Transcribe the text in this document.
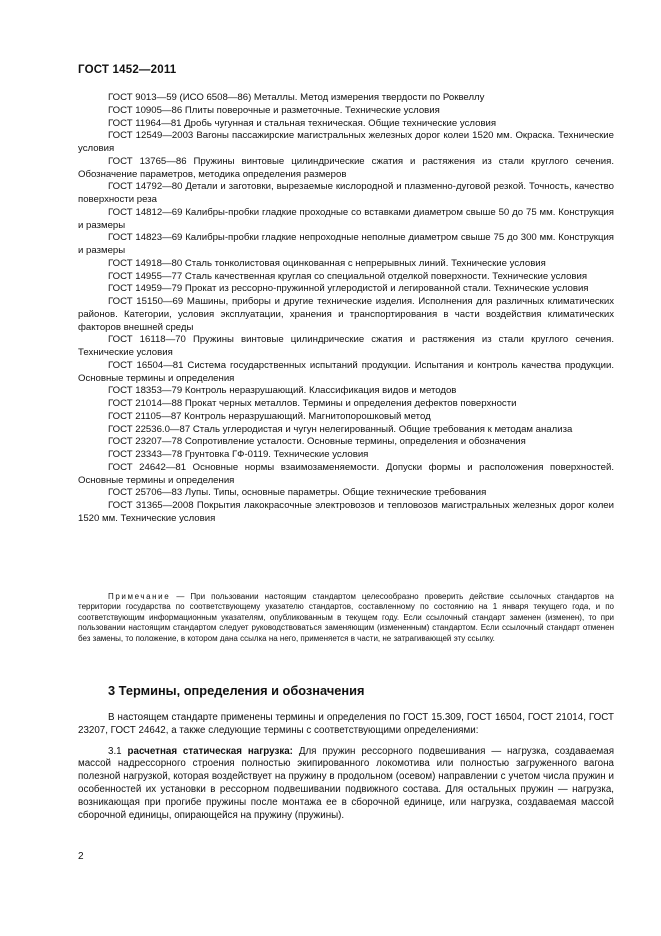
ГОСТ 1452—2011

ГОСТ 9013—59 (ИСО 6508—86) Металлы. Метод измерения твердости по Роквеллу

ГОСТ 10905—86 Плиты поверочные и разметочные. Технические условия

ГОСТ 11964—81 Дробь чугунная и стальная техническая. Общие технические условия

ГОСТ 12549—2003 Вагоны пассажирские магистральных железных дорог колеи 1520 мм. Окраска. Технические условия

ГОСТ 13765—86 Пружины винтовые цилиндрические сжатия и растяжения из стали круглого сечения. Обозначение параметров, методика определения размеров

ГОСТ 14792—80 Детали и заготовки, вырезаемые кислородной и плазменно-дуговой резкой. Точность, качество поверхности реза

ГОСТ 14812—69 Калибры-пробки гладкие проходные со вставками диаметром свыше 50 до 75 мм. Конструкция и размеры

ГОСТ 14823—69 Калибры-пробки гладкие непроходные неполные диаметром свыше 75 до 300 мм. Конструкция и размеры

ГОСТ 14918—80 Сталь тонколистовая оцинкованная с непрерывных линий. Технические условия

ГОСТ 14955—77 Сталь качественная круглая со специальной отделкой поверхности. Технические условия

ГОСТ 14959—79 Прокат из рессорно-пружинной углеродистой и легированной стали. Технические условия

ГОСТ 15150—69 Машины, приборы и другие технические изделия. Исполнения для различных климатических районов. Категории, условия эксплуатации, хранения и транспортирования в части воздействия климатических факторов внешней среды

ГОСТ 16118—70 Пружины винтовые цилиндрические сжатия и растяжения из стали круглого сечения. Технические условия

ГОСТ 16504—81 Система государственных испытаний продукции. Испытания и контроль качества продукции. Основные термины и определения

ГОСТ 18353—79 Контроль неразрушающий. Классификация видов и методов

ГОСТ 21014—88 Прокат черных металлов. Термины и определения дефектов поверхности

ГОСТ 21105—87 Контроль неразрушающий. Магнитопорошковый метод

ГОСТ 22536.0—87 Сталь углеродистая и чугун нелегированный. Общие требования к методам анализа

ГОСТ 23207—78 Сопротивление усталости. Основные термины, определения и обозначения

ГОСТ 23343—78 Грунтовка ГФ-0119. Технические условия

ГОСТ 24642—81 Основные нормы взаимозаменяемости. Допуски формы и расположения поверхностей. Основные термины и определения

ГОСТ 25706—83 Лупы. Типы, основные параметры. Общие технические требования

ГОСТ 31365—2008 Покрытия лакокрасочные электровозов и тепловозов магистральных железных дорог колеи 1520 мм. Технические условия

Примечание — При пользовании настоящим стандартом целесообразно проверить действие ссылочных стандартов на территории государства по соответствующему указателю стандартов, составленному по состоянию на 1 января текущего года, и по соответствующим информационным указателям, опубликованным в текущем году. Если ссылочный стандарт заменен (изменен), то при пользовании настоящим стандартом следует руководствоваться заменяющим (измененным) стандартом. Если ссылочный стандарт отменен без замены, то положение, в котором дана ссылка на него, применяется в части, не затрагивающей эту ссылку.

3 Термины, определения и обозначения

В настоящем стандарте применены термины и определения по ГОСТ 15.309, ГОСТ 16504, ГОСТ 21014, ГОСТ 23207, ГОСТ 24642, а также следующие термины с соответствующими определениями:

3.1 расчетная статическая нагрузка: Для пружин рессорного подвешивания — нагрузка, создаваемая массой надрессорного строения полностью экипированного локомотива или полностью загруженного вагона полезной нагрузкой, которая воздействует на пружину в продольном (осевом) направлении с учетом числа пружин и особенностей их установки в рессорном подвешивании подвижного состава. Для остальных пружин — нагрузка, возникающая при прогибе пружины после монтажа ее в сборочной единице, или нагрузка, создаваемая массой сборочной единицы, опирающейся на пружину (пружины).

2
